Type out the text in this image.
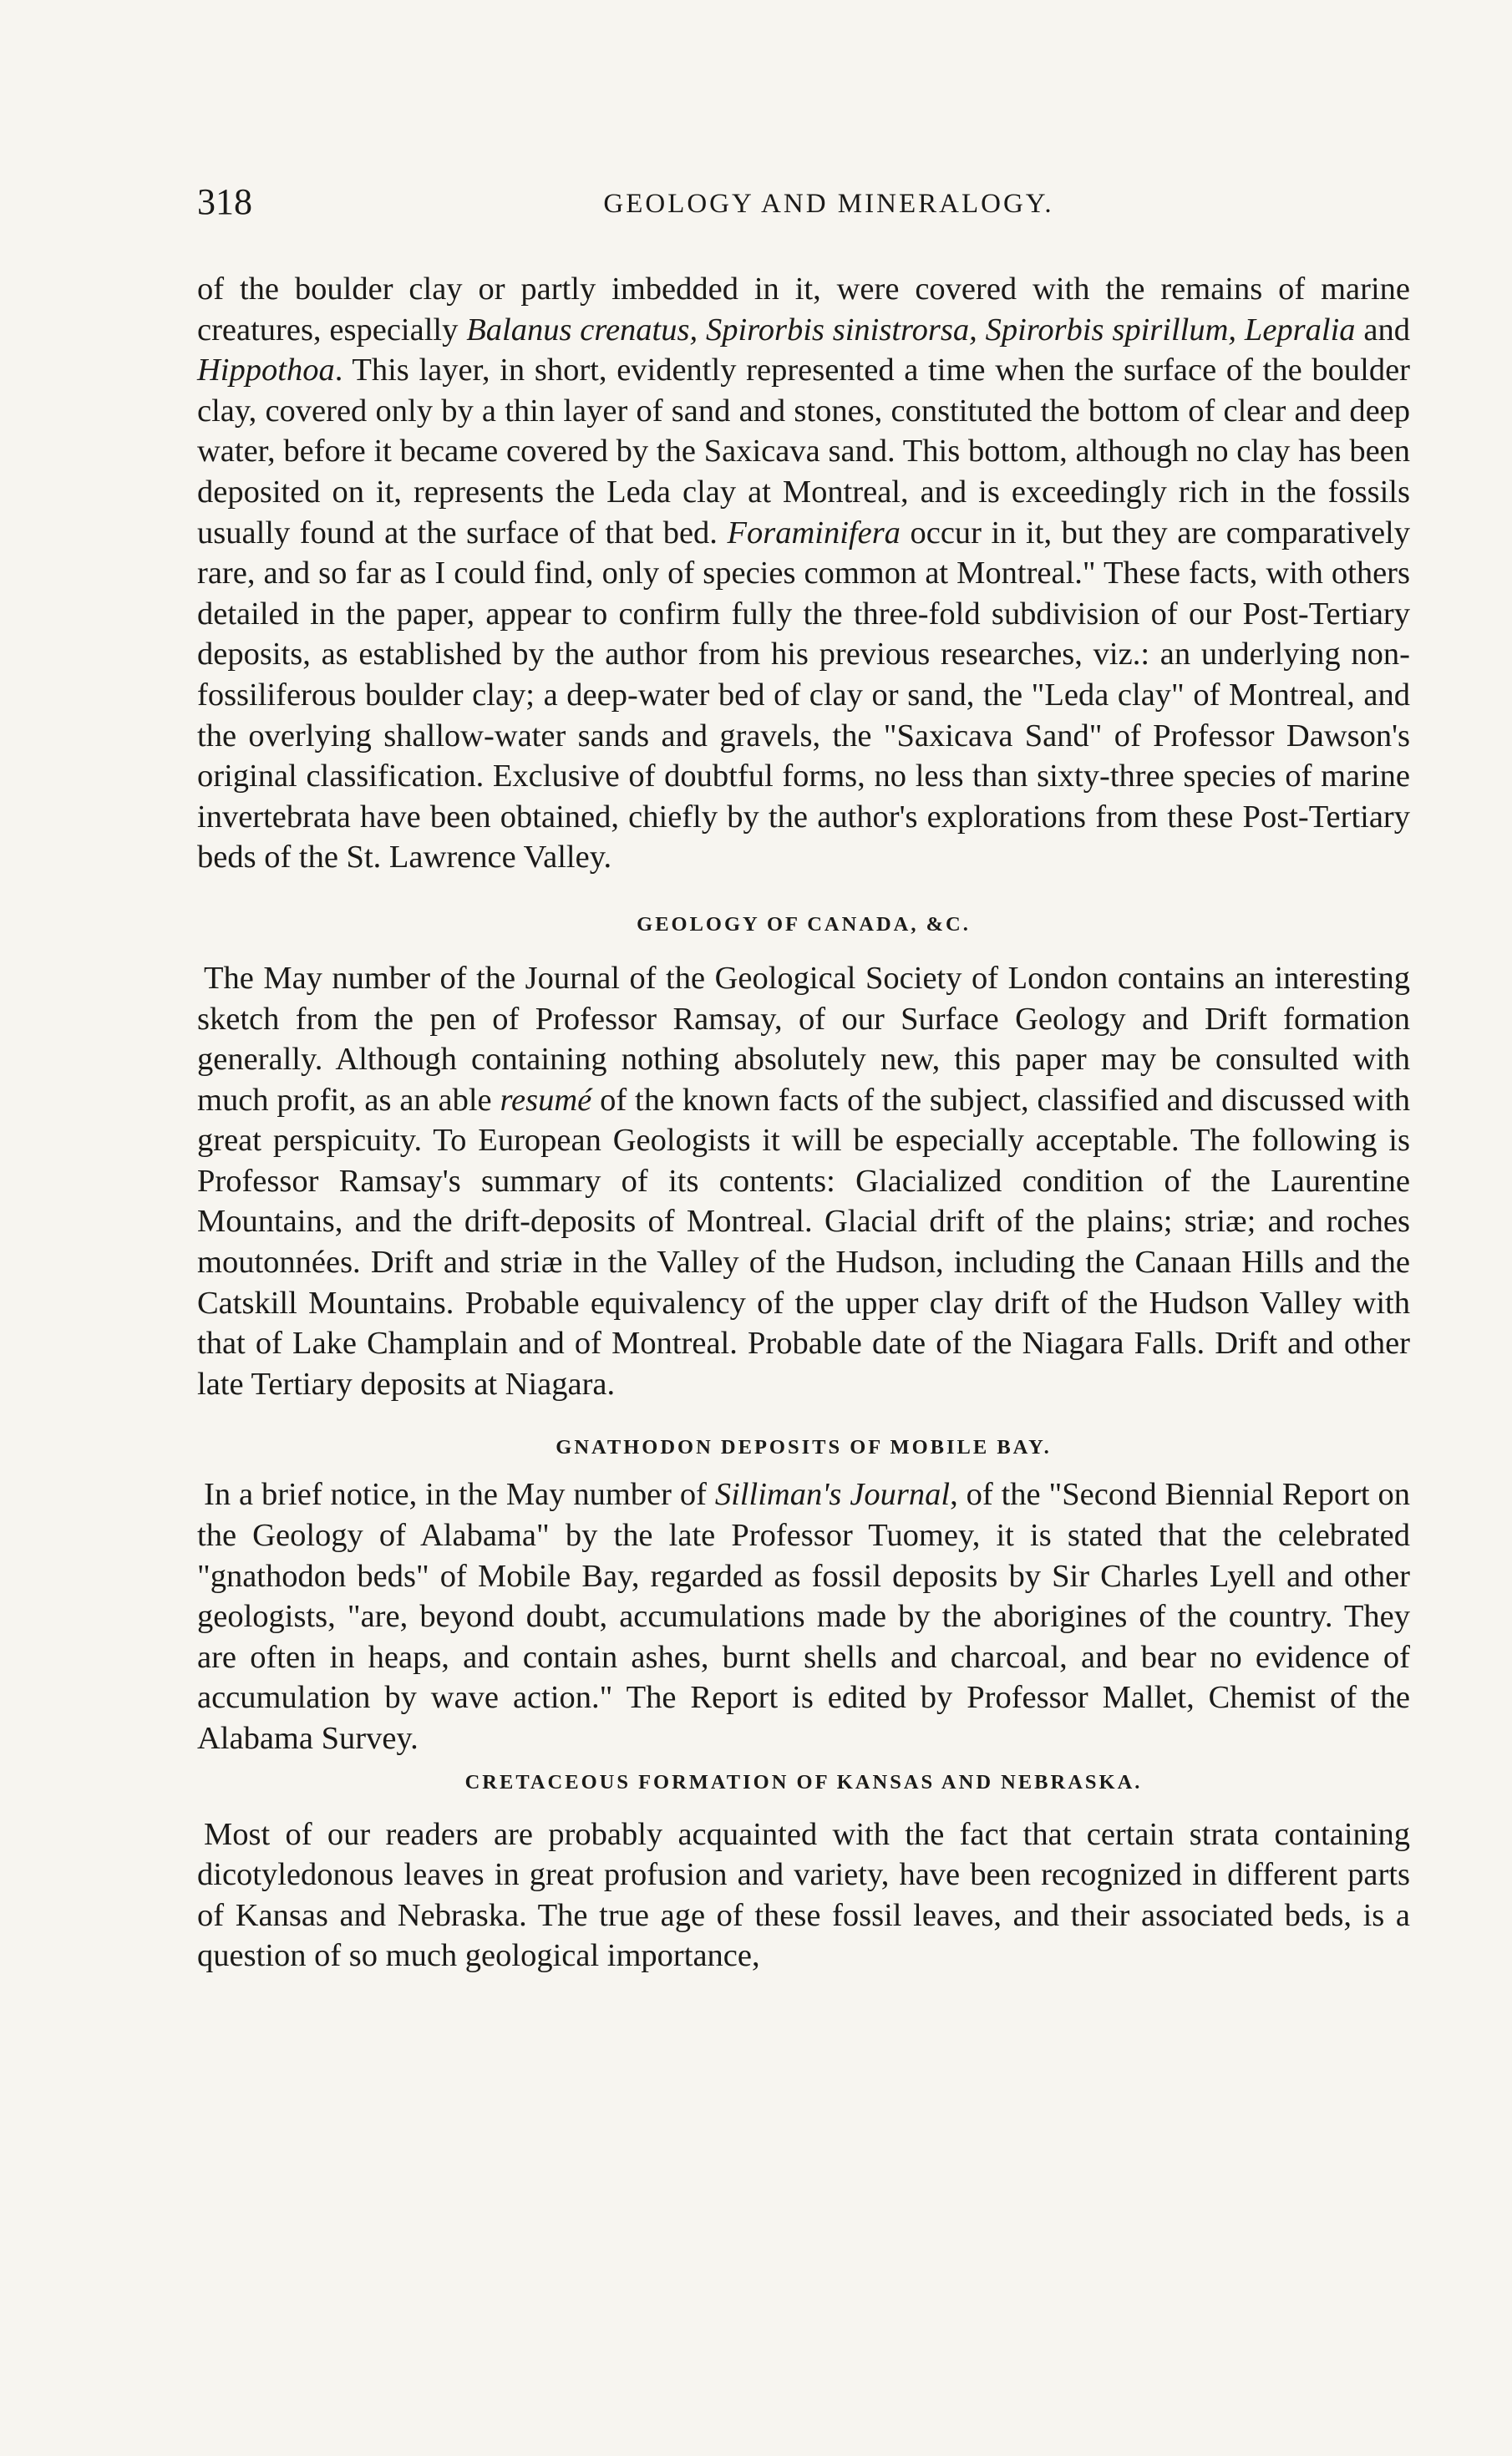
318	GEOLOGY AND MINERALOGY.

of the boulder clay or partly imbedded in it, were covered with the remains of marine creatures, especially Balanus crenatus, Spirorbis sinistrorsa, Spirorbis spirillum, Lepralia and Hippothoa. This layer, in short, evidently represented a time when the surface of the boulder clay, covered only by a thin layer of sand and stones, constituted the bottom of clear and deep water, before it became covered by the Saxicava sand. This bottom, although no clay has been deposited on it, represents the Leda clay at Montreal, and is exceedingly rich in the fossils usually found at the surface of that bed. Foraminifera occur in it, but they are comparatively rare, and so far as I could find, only of species common at Montreal." These facts, with others detailed in the paper, appear to confirm fully the three-fold subdivision of our Post-Tertiary deposits, as established by the author from his previous researches, viz.: an underlying non-fossiliferous boulder clay; a deep-water bed of clay or sand, the "Leda clay" of Montreal, and the overlying shallow-water sands and gravels, the "Saxicava Sand" of Professor Dawson's original classification. Exclusive of doubtful forms, no less than sixty-three species of marine invertebrata have been obtained, chiefly by the author's explorations from these Post-Tertiary beds of the St. Lawrence Valley.

GEOLOGY OF CANADA, &C.

The May number of the Journal of the Geological Society of London contains an interesting sketch from the pen of Professor Ramsay, of our Surface Geology and Drift formation generally. Although containing nothing absolutely new, this paper may be consulted with much profit, as an able resumé of the known facts of the subject, classified and discussed with great perspicuity. To European Geologists it will be especially acceptable. The following is Professor Ramsay's summary of its contents: Glacialized condition of the Laurentine Mountains, and the drift-deposits of Montreal. Glacial drift of the plains; striæ; and roches moutonnées. Drift and striæ in the Valley of the Hudson, including the Canaan Hills and the Catskill Mountains. Probable equivalency of the upper clay drift of the Hudson Valley with that of Lake Champlain and of Montreal. Probable date of the Niagara Falls. Drift and other late Tertiary deposits at Niagara.

GNATHODON DEPOSITS OF MOBILE BAY.

In a brief notice, in the May number of Silliman's Journal, of the "Second Biennial Report on the Geology of Alabama" by the late Professor Tuomey, it is stated that the celebrated "gnathodon beds" of Mobile Bay, regarded as fossil deposits by Sir Charles Lyell and other geologists, "are, beyond doubt, accumulations made by the aborigines of the country. They are often in heaps, and contain ashes, burnt shells and charcoal, and bear no evidence of accumulation by wave action." The Report is edited by Professor Mallet, Chemist of the Alabama Survey.

CRETACEOUS FORMATION OF KANSAS AND NEBRASKA.

Most of our readers are probably acquainted with the fact that certain strata containing dicotyledonous leaves in great profusion and variety, have been recognized in different parts of Kansas and Nebraska. The true age of these fossil leaves, and their associated beds, is a question of so much geological importance,
